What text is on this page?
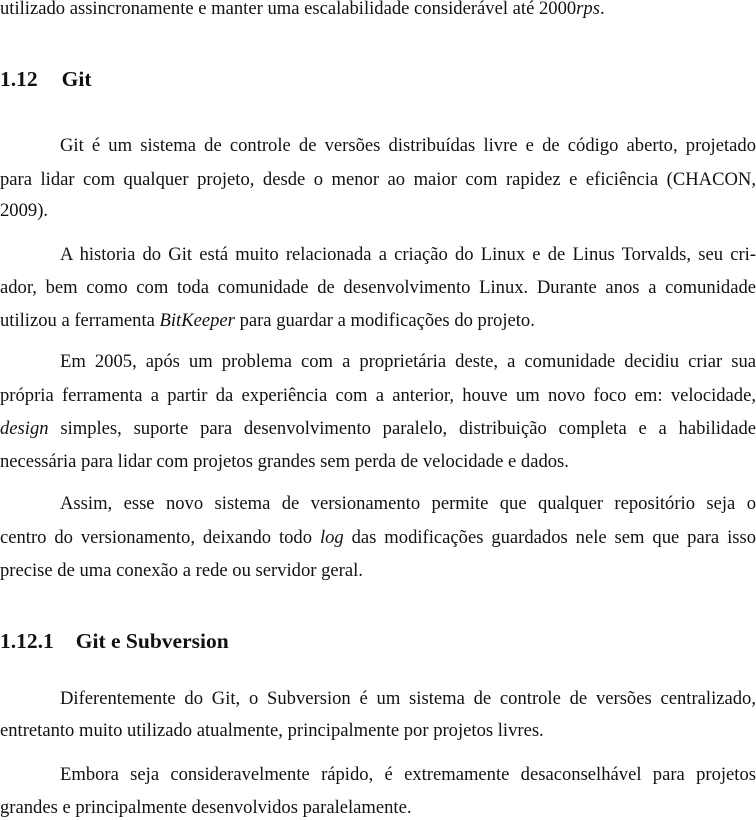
utilizado assincronamente e manter uma escalabilidade considerável até 2000rps.
1.12 Git
Git é um sistema de controle de versões distribuídas livre e de código aberto, projetado
para lidar com qualquer projeto, desde o menor ao maior com rapidez e eficiência (CHACON,
2009).
A historia do Git está muito relacionada a criação do Linux e de Linus Torvalds, seu cri-
ador, bem como com toda comunidade de desenvolvimento Linux. Durante anos a comunidade
utilizou a ferramenta BitKeeper para guardar a modificações do projeto.
Em 2005, após um problema com a proprietária deste, a comunidade decidiu criar sua
própria ferramenta a partir da experiência com a anterior, houve um novo foco em: velocidade,
design simples, suporte para desenvolvimento paralelo, distribuição completa e a habilidade
necessária para lidar com projetos grandes sem perda de velocidade e dados.
Assim, esse novo sistema de versionamento permite que qualquer repositório seja o
centro do versionamento, deixando todo log das modificações guardados nele sem que para isso
precise de uma conexão a rede ou servidor geral.
1.12.1 Git e Subversion
Diferentemente do Git, o Subversion é um sistema de controle de versões centralizado,
entretanto muito utilizado atualmente, principalmente por projetos livres.
Embora seja consideravelmente rápido, é extremamente desaconselhável para projetos
grandes e principalmente desenvolvidos paralelamente.
